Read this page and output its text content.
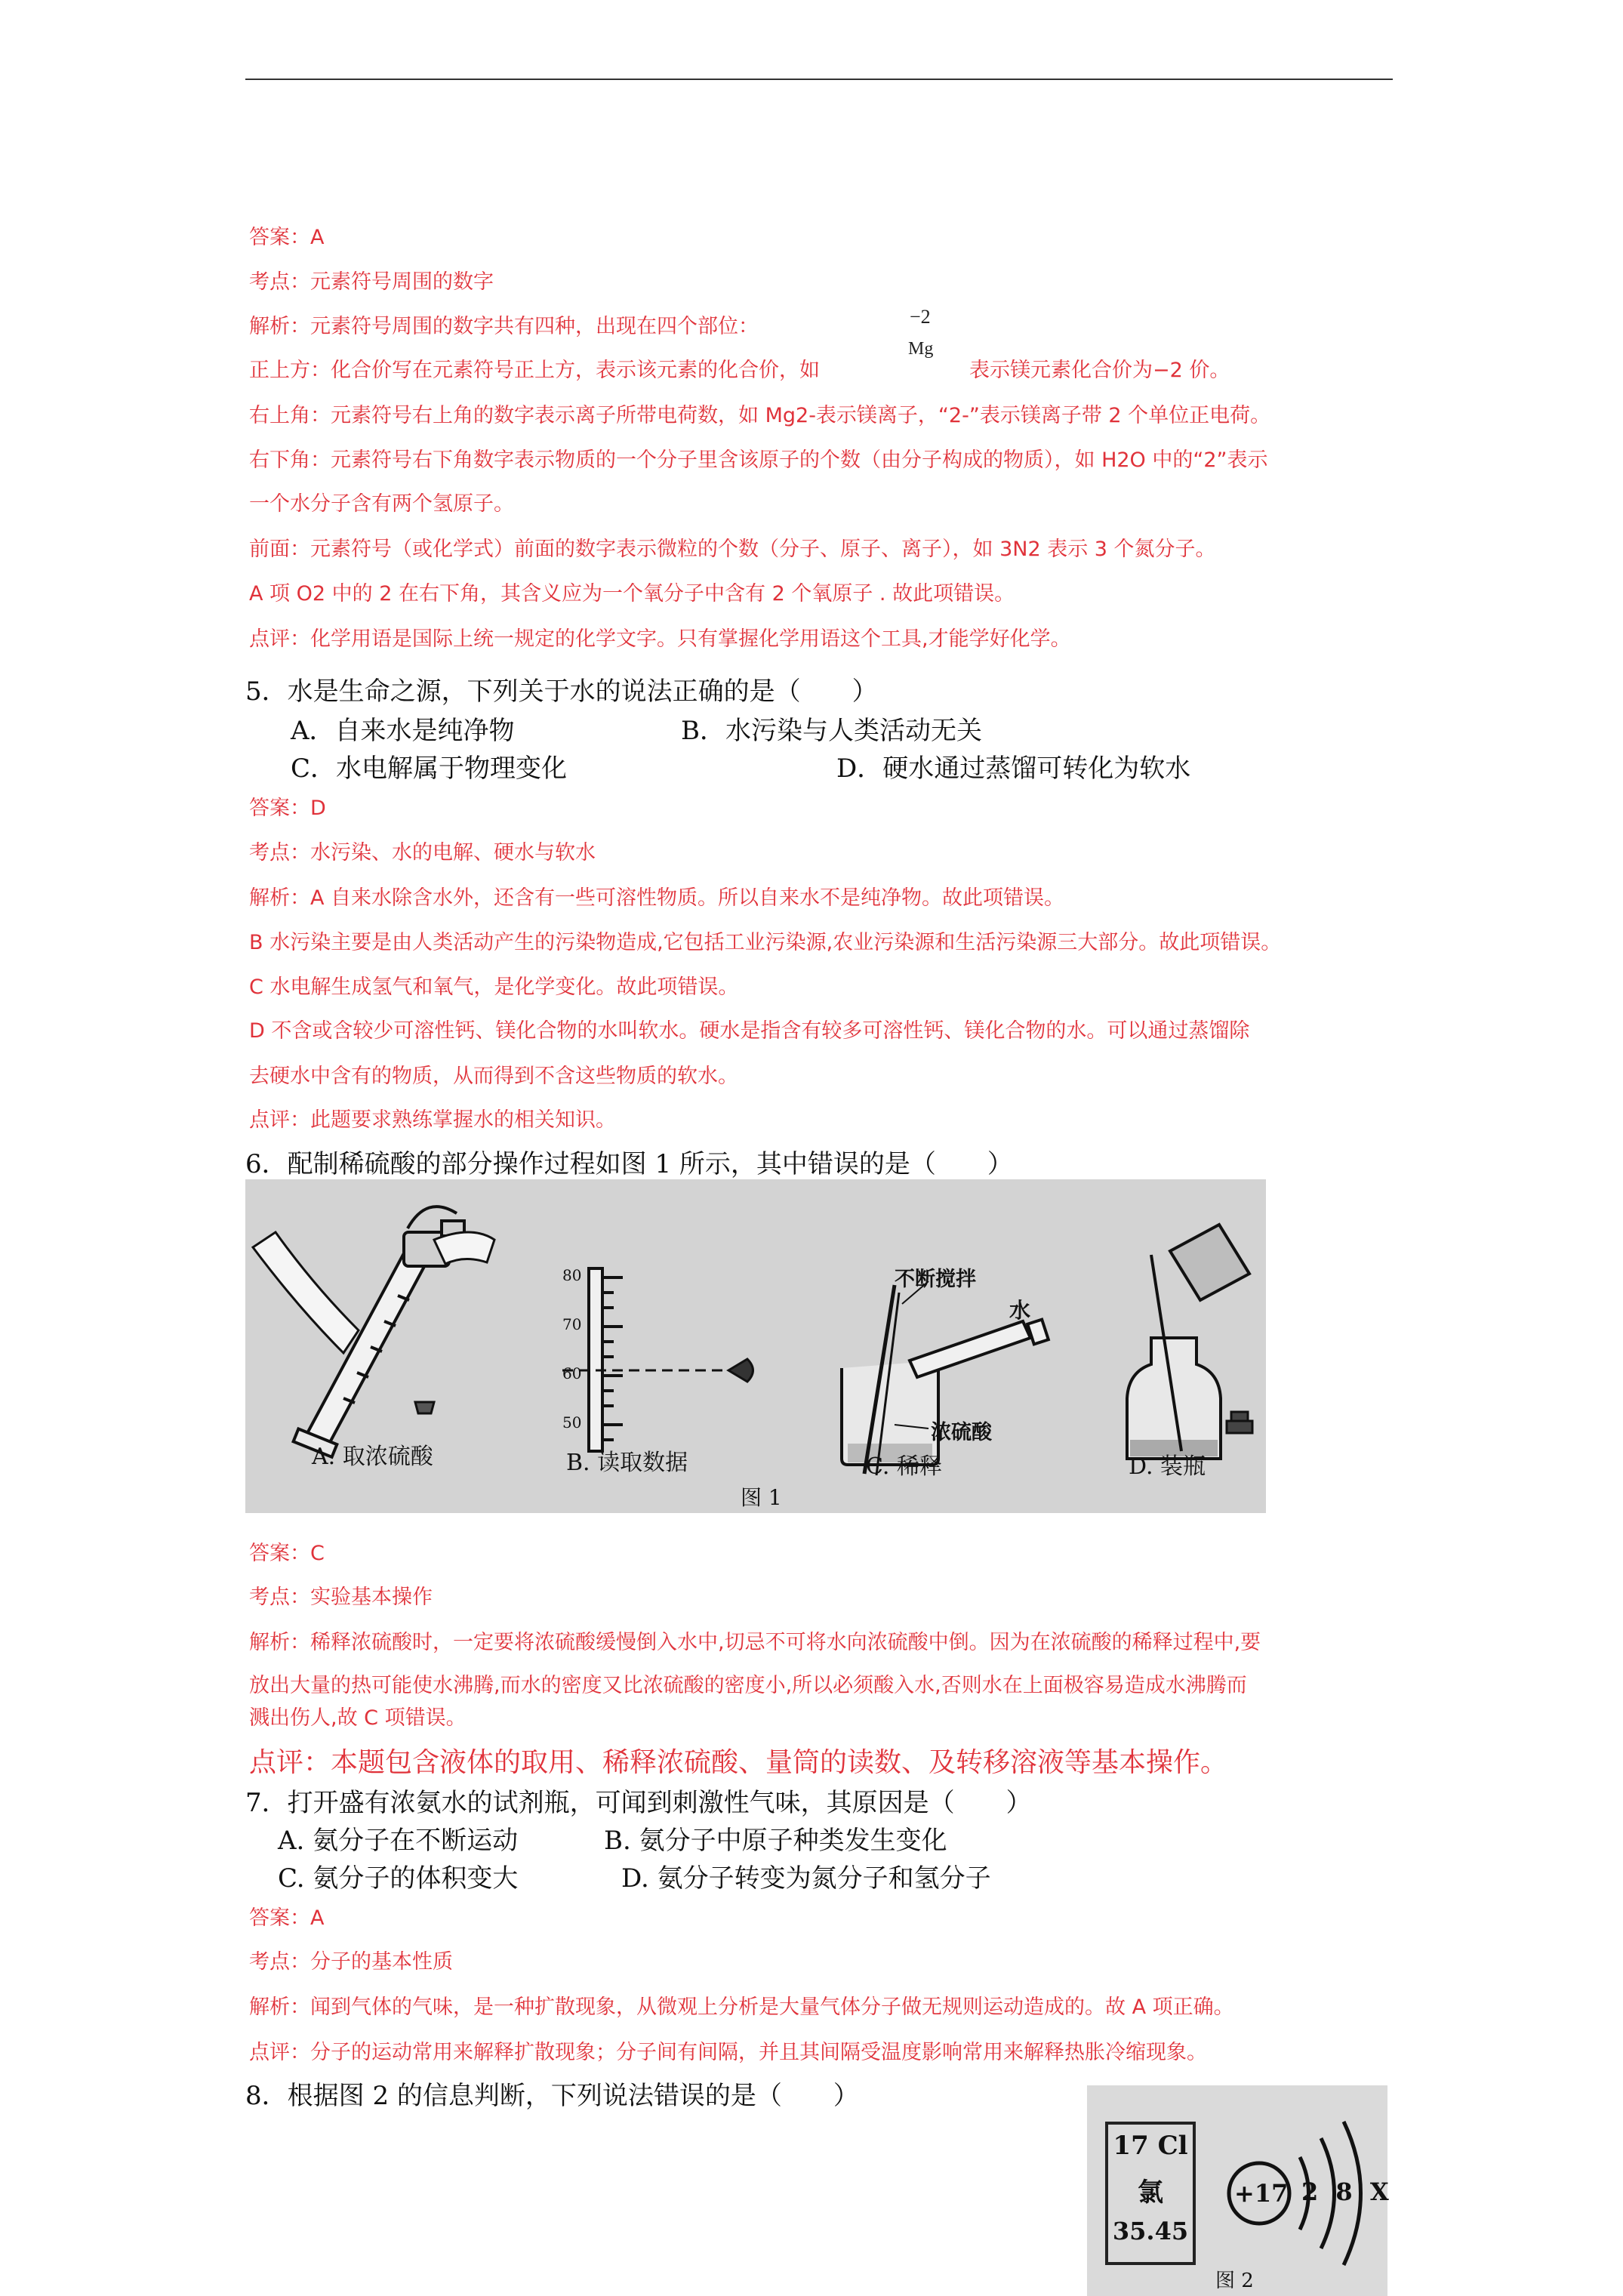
答案：A
考点：元素符号周围的数字
解析：元素符号周围的数字共有四种，出现在四个部位：	−2
Mg
正上方：化合价写在元素符号正上方，表示该元素的化合价，如	表示镁元素化合价为−2 价。
右上角：元素符号右上角的数字表示离子所带电荷数，如 Mg2-表示镁离子，“2-”表示镁离子带 2 个单位正电荷。
右下角：元素符号右下角数字表示物质的一个分子里含该原子的个数（由分子构成的物质），如 H2O 中的“2”表示
一个水分子含有两个氢原子。
前面：元素符号（或化学式）前面的数字表示微粒的个数（分子、原子、离子），如 3N2 表示 3 个氮分子。
A 项 O2 中的 2 在右下角，其含义应为一个氧分子中含有 2 个氧原子 . 故此项错误。
点评：化学用语是国际上统一规定的化学文字。只有掌握化学用语这个工具,才能学好化学。
5．水是生命之源，下列关于水的说法正确的是（　　）
A．自来水是纯净物	B．水污染与人类活动无关
C．水电解属于物理变化	D．硬水通过蒸馏可转化为软水
答案：D
考点：水污染、水的电解、硬水与软水
解析：A 自来水除含水外，还含有一些可溶性物质。所以自来水不是纯净物。故此项错误。
B 水污染主要是由人类活动产生的污染物造成,它包括工业污染源,农业污染源和生活污染源三大部分。故此项错误。
C 水电解生成氢气和氧气，是化学变化。故此项错误。
D 不含或含较少可溶性钙、镁化合物的水叫软水。硬水是指含有较多可溶性钙、镁化合物的水。可以通过蒸馏除
去硬水中含有的物质，从而得到不含这些物质的软水。
点评：此题要求熟练掌握水的相关知识。
6．配制稀硫酸的部分操作过程如图 1 所示，其中错误的是（　　）
A. 取浓硫酸	B. 读取数据	C. 稀释	D. 装瓶
图 1
不断搅拌
水
浓硫酸
80
70
60
50
答案：C
考点：实验基本操作
解析：稀释浓硫酸时，一定要将浓硫酸缓慢倒入水中,切忌不可将水向浓硫酸中倒。因为在浓硫酸的稀释过程中,要
放出大量的热可能使水沸腾,而水的密度又比浓硫酸的密度小,所以必须酸入水,否则水在上面极容易造成水沸腾而
溅出伤人,故 C 项错误。
点评：本题包含液体的取用、稀释浓硫酸、量筒的读数、及转移溶液等基本操作。
7．打开盛有浓氨水的试剂瓶，可闻到刺激性气味，其原因是（　　）
A. 氨分子在不断运动	B. 氨分子中原子种类发生变化
C. 氨分子的体积变大	D. 氨分子转变为氮分子和氢分子
答案：A
考点：分子的基本性质
解析：闻到气体的气味，是一种扩散现象，从微观上分析是大量气体分子做无规则运动造成的。故 A 项正确。
点评：分子的运动常用来解释扩散现象；分子间有间隔，并且其间隔受温度影响常用来解释热胀冷缩现象。
8．根据图 2 的信息判断，下列说法错误的是（　　）
17 Cl
氯
35.45
+17 2 8 X
图 2
